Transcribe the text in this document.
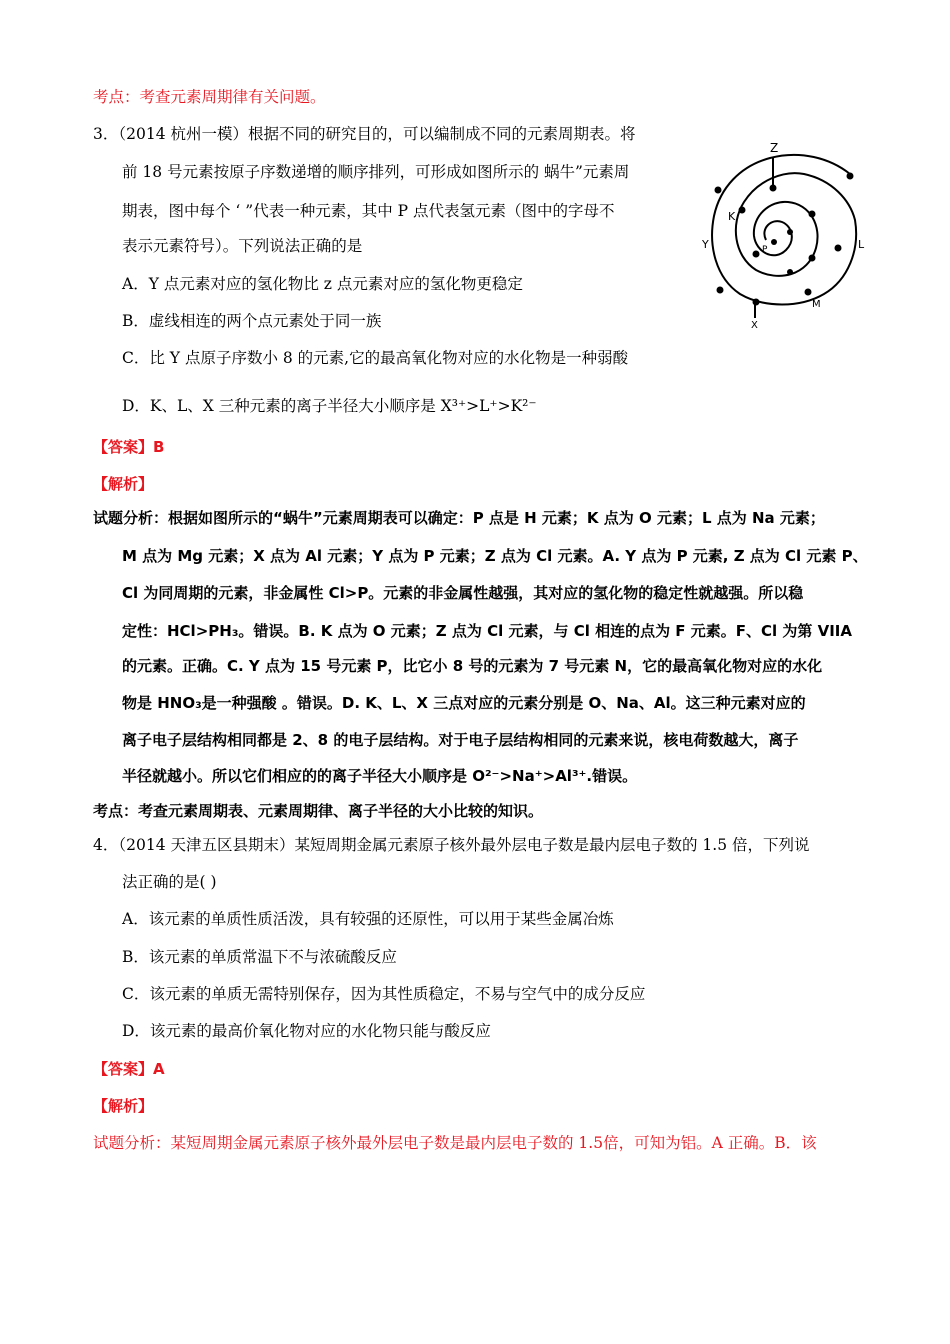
考点：考查元素周期律有关问题。
3．（2014 杭州一模）根据不同的研究目的，可以编制成不同的元素周期表。将
前 18 号元素按原子序数递增的顺序排列，可形成如图所示的 蜗牛”元素周
期表，图中每个 ‘ ”代表一种元素，其中 P 点代表氢元素（图中的字母不
表示元素符号）。下列说法正确的是
A．Y 点元素对应的氢化物比 z 点元素对应的氢化物更稳定
B．虚线相连的两个点元素处于同一族
C．比 Y 点原子序数小 8 的元素,它的最高氧化物对应的水化物是一种弱酸
D．K、L、X 三种元素的离子半径大小顺序是 X³⁺>L⁺>K²⁻
Z
K
P
Y	L
M
X
【答案】B
【解析】
试题分析：根据如图所示的“蜗牛”元素周期表可以确定：P 点是 H 元素；K 点为 O 元素；L 点为 Na 元素；
M 点为 Mg 元素；X 点为 Al 元素；Y 点为 P 元素；Z 点为 Cl 元素。A. Y 点为 P 元素, Z 点为 Cl 元素 P、
Cl 为同周期的元素，非金属性 Cl>P。元素的非金属性越强，其对应的氢化物的稳定性就越强。所以稳
定性：HCl>PH₃。错误。B. K 点为 O 元素；Z 点为 Cl 元素，与 Cl 相连的点为 F 元素。F、Cl 为第 VIIA
的元素。正确。C. Y 点为 15 号元素 P，比它小 8 号的元素为 7 号元素 N，它的最高氧化物对应的水化
物是 HNO₃是一种强酸 。错误。D. K、L、X 三点对应的元素分别是 O、Na、Al。这三种元素对应的
离子电子层结构相同都是 2、8 的电子层结构。对于电子层结构相同的元素来说，核电荷数越大，离子
半径就越小。所以它们相应的的离子半径大小顺序是 O²⁻>Na⁺>Al³⁺.错误。
考点：考查元素周期表、元素周期律、离子半径的大小比较的知识。
4．（2014 天津五区县期末）某短周期金属元素原子核外最外层电子数是最内层电子数的 1.5 倍，下列说
法正确的是( )
A．该元素的单质性质活泼，具有较强的还原性，可以用于某些金属冶炼
B．该元素的单质常温下不与浓硫酸反应
C．该元素的单质无需特别保存，因为其性质稳定，不易与空气中的成分反应
D．该元素的最高价氧化物对应的水化物只能与酸反应
【答案】A
【解析】
试题分析：某短周期金属元素原子核外最外层电子数是最内层电子数的 1.5倍，可知为铝。A 正确。B．该
